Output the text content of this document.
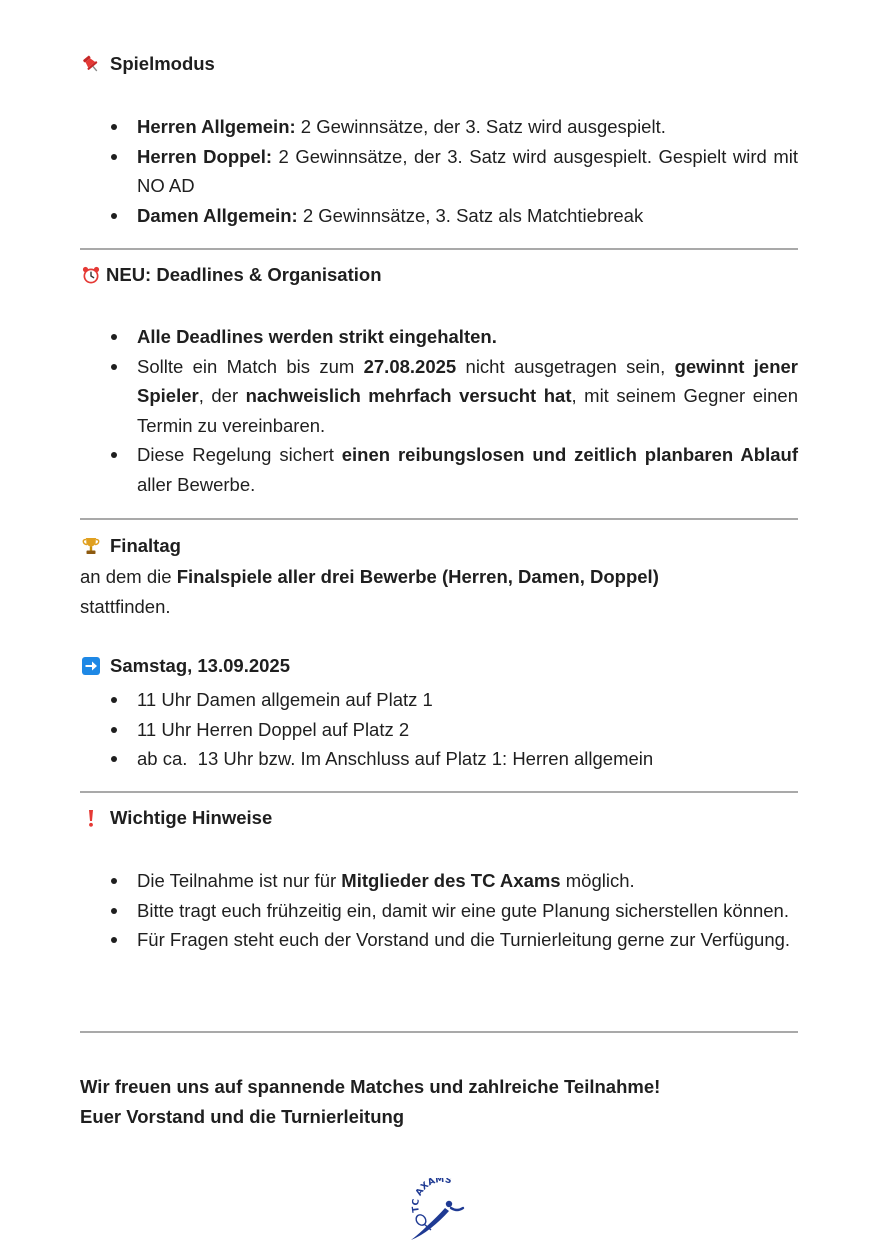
Spielmodus
Herren Allgemein: 2 Gewinnsätze, der 3. Satz wird ausgespielt.
Herren Doppel: 2 Gewinnsätze, der 3. Satz wird ausgespielt. Gespielt wird mit NO AD
Damen Allgemein: 2 Gewinnsätze, 3. Satz als Matchtiebreak
NEU: Deadlines & Organisation
Alle Deadlines werden strikt eingehalten.
Sollte ein Match bis zum 27.08.2025 nicht ausgetragen sein, gewinnt jener Spieler, der nachweislich mehrfach versucht hat, mit seinem Gegner einen Termin zu vereinbaren.
Diese Regelung sichert einen reibungslosen und zeitlich planbaren Ablauf aller Bewerbe.
Finaltag
an dem die Finalspiele aller drei Bewerbe (Herren, Damen, Doppel)
stattfinden.
Samstag, 13.09.2025
11 Uhr Damen allgemein auf Platz 1
11 Uhr Herren Doppel auf Platz 2
ab ca.  13 Uhr bzw. Im Anschluss auf Platz 1: Herren allgemein
Wichtige Hinweise
Die Teilnahme ist nur für Mitglieder des TC Axams möglich.
Bitte tragt euch frühzeitig ein, damit wir eine gute Planung sicherstellen können.
Für Fragen steht euch der Vorstand und die Turnierleitung gerne zur Verfügung.
Wir freuen uns auf spannende Matches und zahlreiche Teilnahme!
Euer Vorstand und die Turnierleitung
TC AXAMS
